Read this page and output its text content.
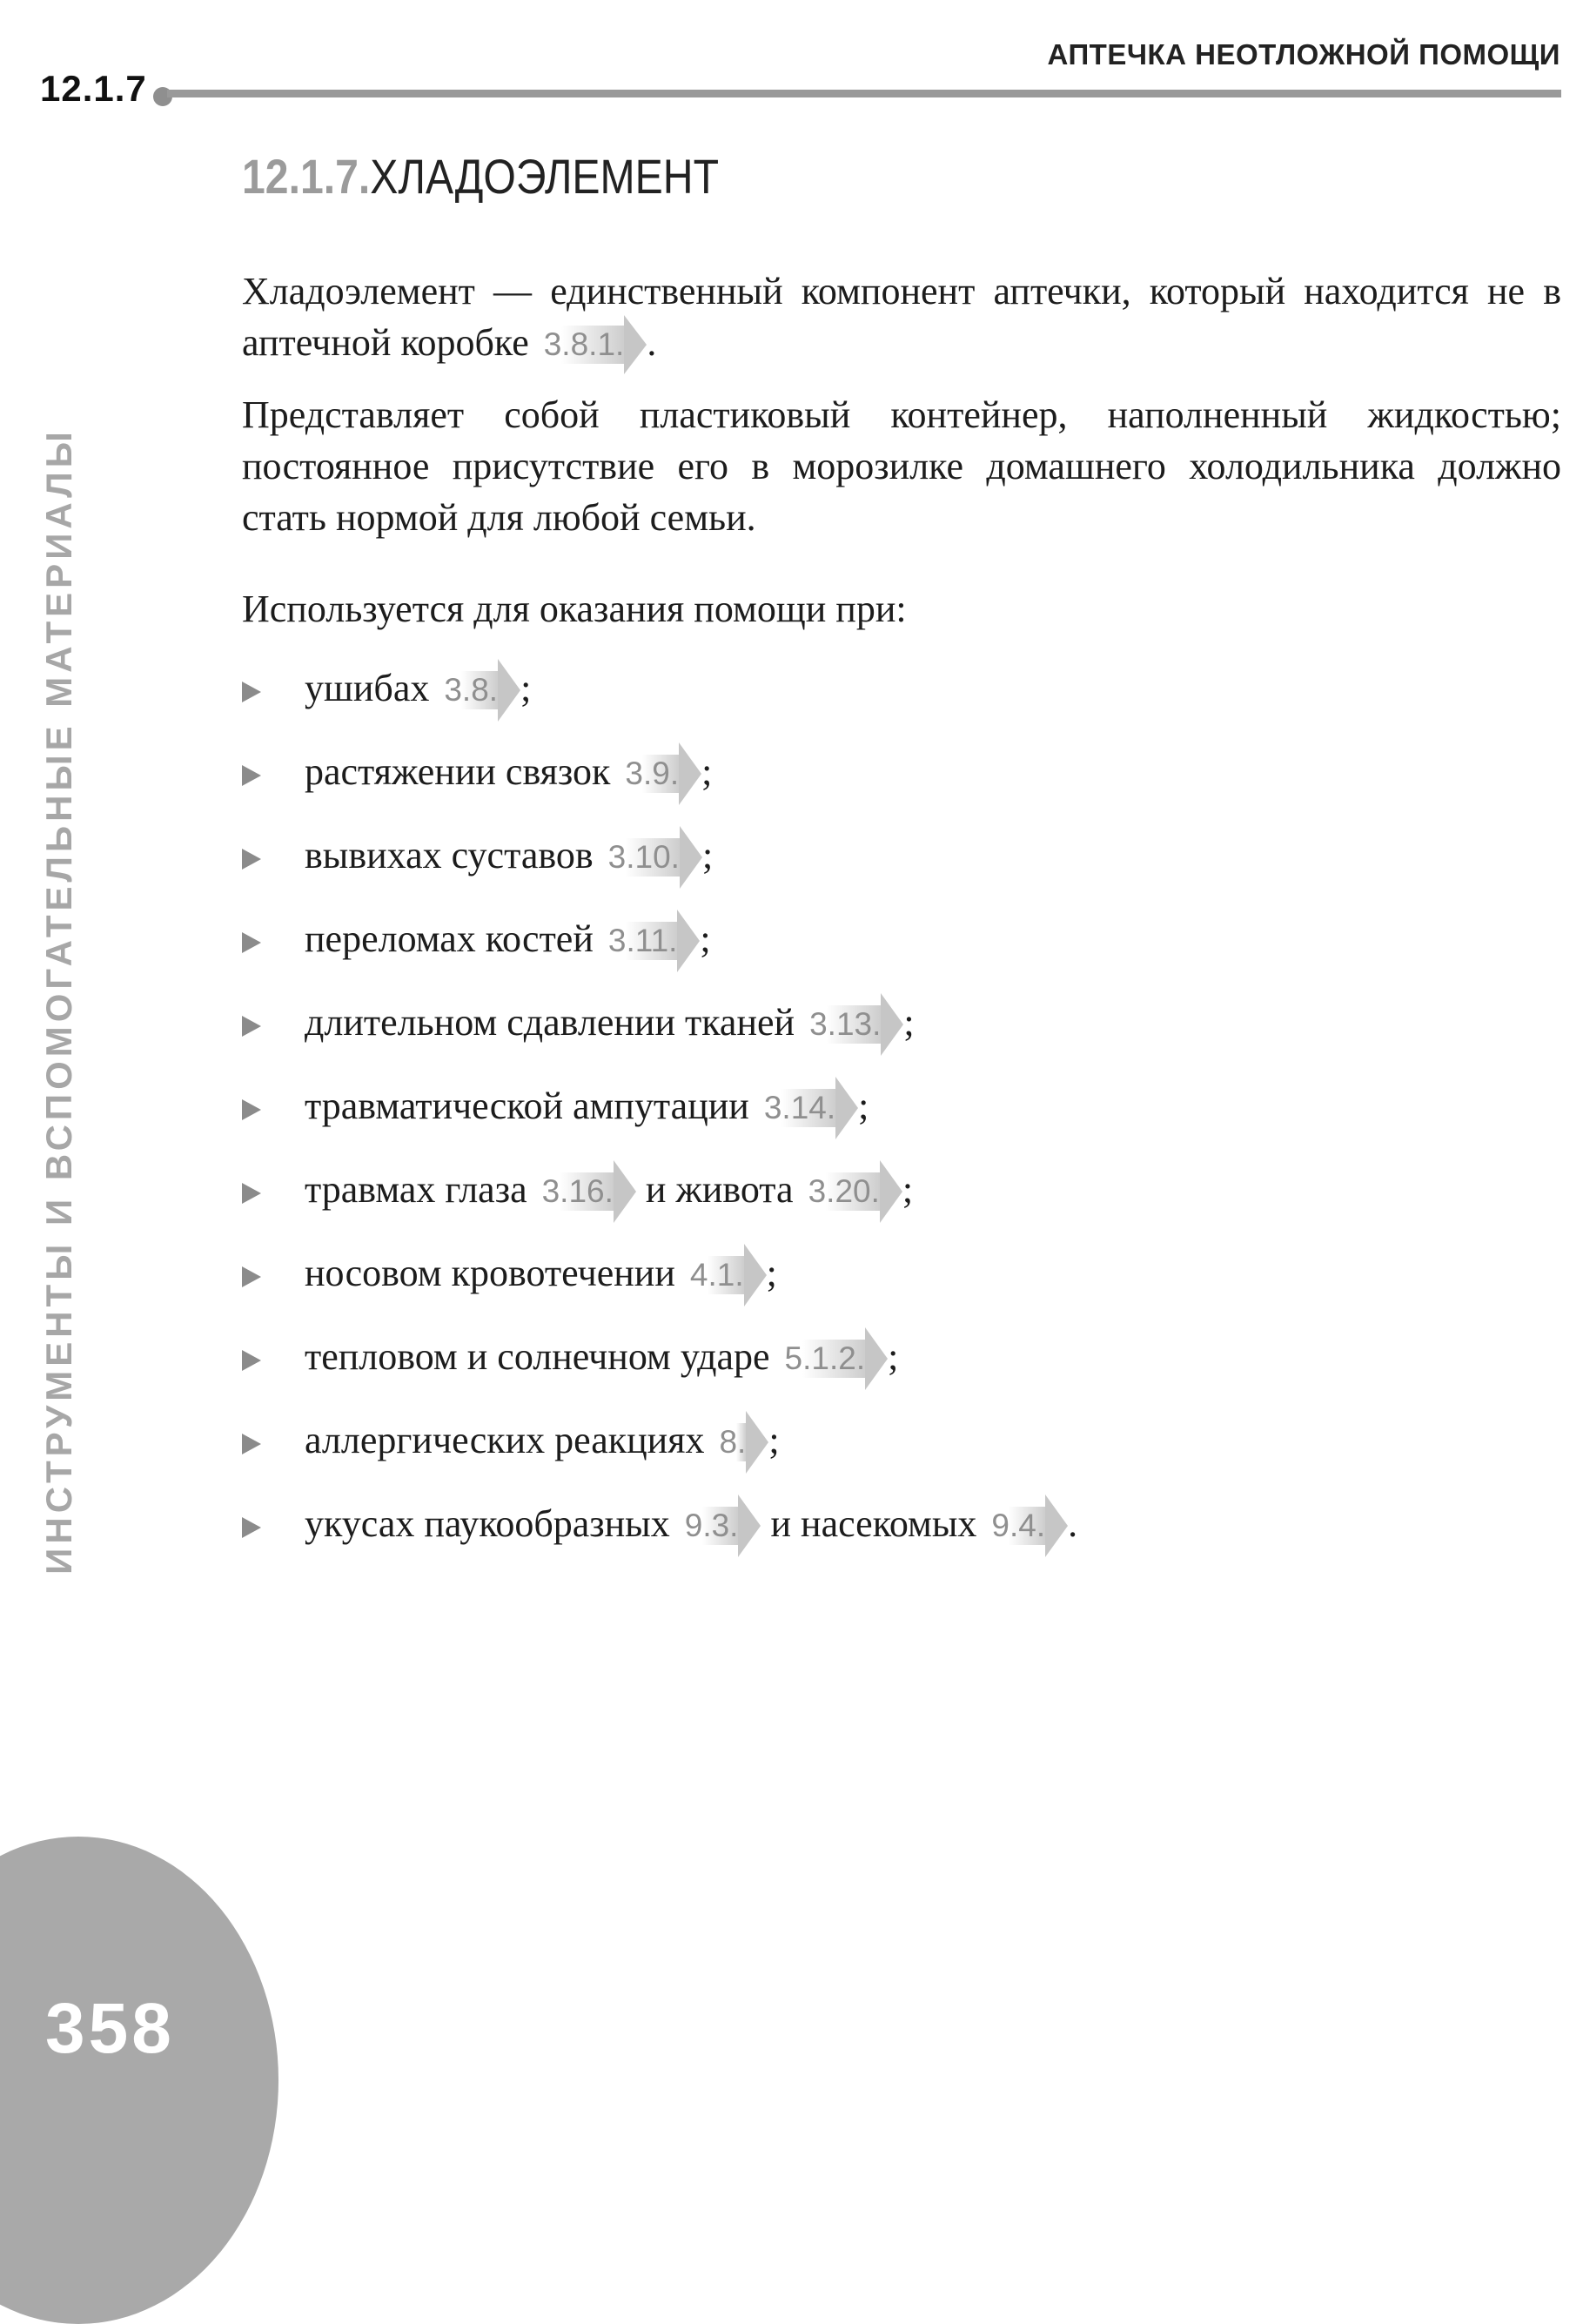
12.1.7
АПТЕЧКА НЕОТЛОЖНОЙ ПОМОЩИ
ИНСТРУМЕНТЫ И ВСПОМОГАТЕЛЬНЫЕ МАТЕРИАЛЫ
358
12.1.7.ХЛАДОЭЛЕМЕНТ

Хладоэлемент — единственный компонент аптечки, который находится не в аптечной коробке 3.8.1. .

Представляет собой пластиковый контейнер, наполненный жидкостью; постоянное присутствие его в морозилке домашнего холодильника должно стать нормой для любой семьи.

Используется для оказания помощи при:

ушибах 3.8. ;
растяжении связок 3.9. ;
вывихах суставов 3.10. ;
переломах костей 3.11. ;
длительном сдавлении тканей 3.13. ;
травматической ампутации 3.14. ;
травмах глаза 3.16. и живота 3.20. ;
носовом кровотечении 4.1. ;
тепловом и солнечном ударе 5.1.2. ;
аллергических реакциях 8. ;
укусах паукообразных 9.3. и насекомых 9.4. .
